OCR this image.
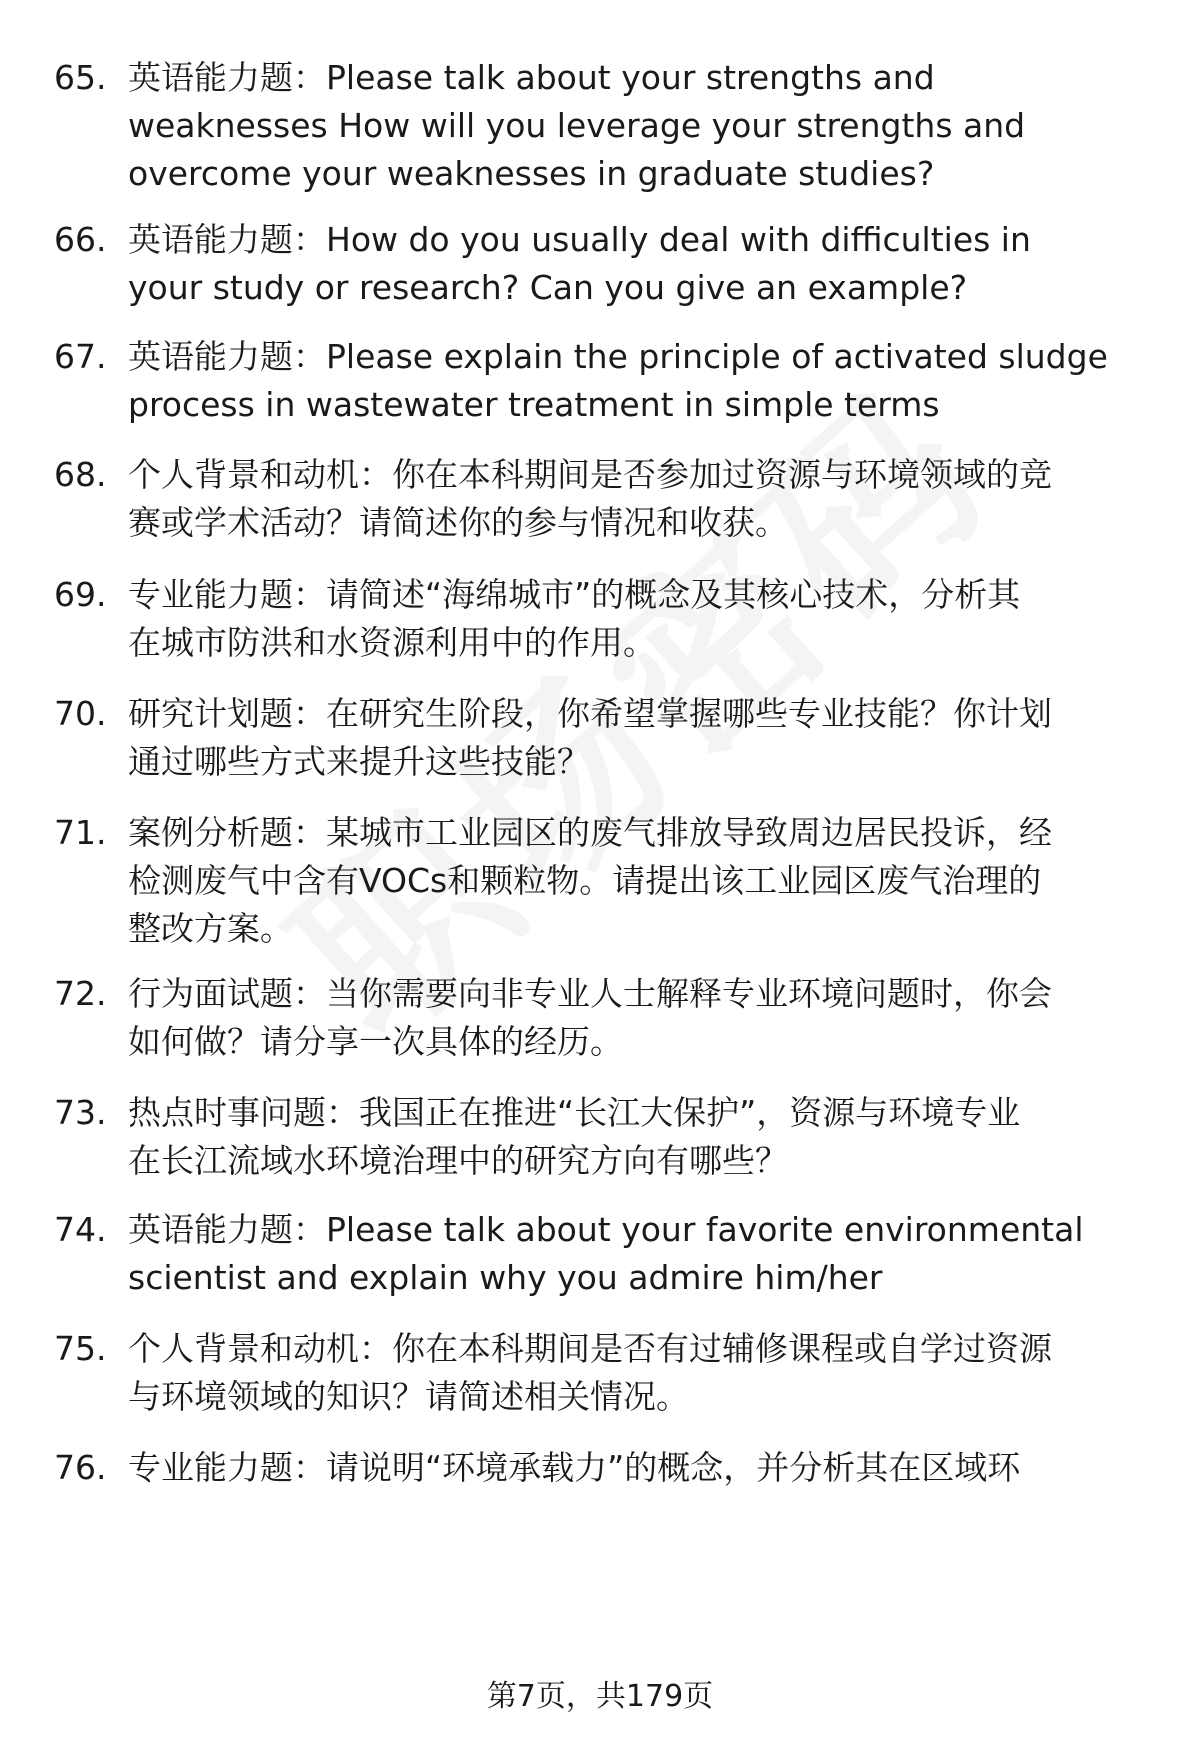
65. 英语能力题：Please talk about your strengths and
weaknesses How will you leverage your strengths and
overcome your weaknesses in graduate studies?
66. 英语能力题：How do you usually deal with difficulties in
your study or research? Can you give an example?
67. 英语能力题：Please explain the principle of activated sludge
process in wastewater treatment in simple terms
68. 个人背景和动机：你在本科期间是否参加过资源与环境领域的竞
赛或学术活动？请简述你的参与情况和收获。
69. 专业能力题：请简述“海绵城市”的概念及其核心技术，分析其
在城市防洪和水资源利用中的作用。
70. 研究计划题：在研究生阶段，你希望掌握哪些专业技能？你计划
通过哪些方式来提升这些技能？
71. 案例分析题：某城市工业园区的废气排放导致周边居民投诉，经
检测废气中含有VOCs和颗粒物。请提出该工业园区废气治理的
整改方案。
72. 行为面试题：当你需要向非专业人士解释专业环境问题时，你会
如何做？请分享一次具体的经历。
73. 热点时事问题：我国正在推进“长江大保护”，资源与环境专业
在长江流域水环境治理中的研究方向有哪些？
74. 英语能力题：Please talk about your favorite environmental
scientist and explain why you admire him/her
75. 个人背景和动机：你在本科期间是否有过辅修课程或自学过资源
与环境领域的知识？请简述相关情况。
76. 专业能力题：请说明“环境承载力”的概念，并分析其在区域环
第7页，共179页
